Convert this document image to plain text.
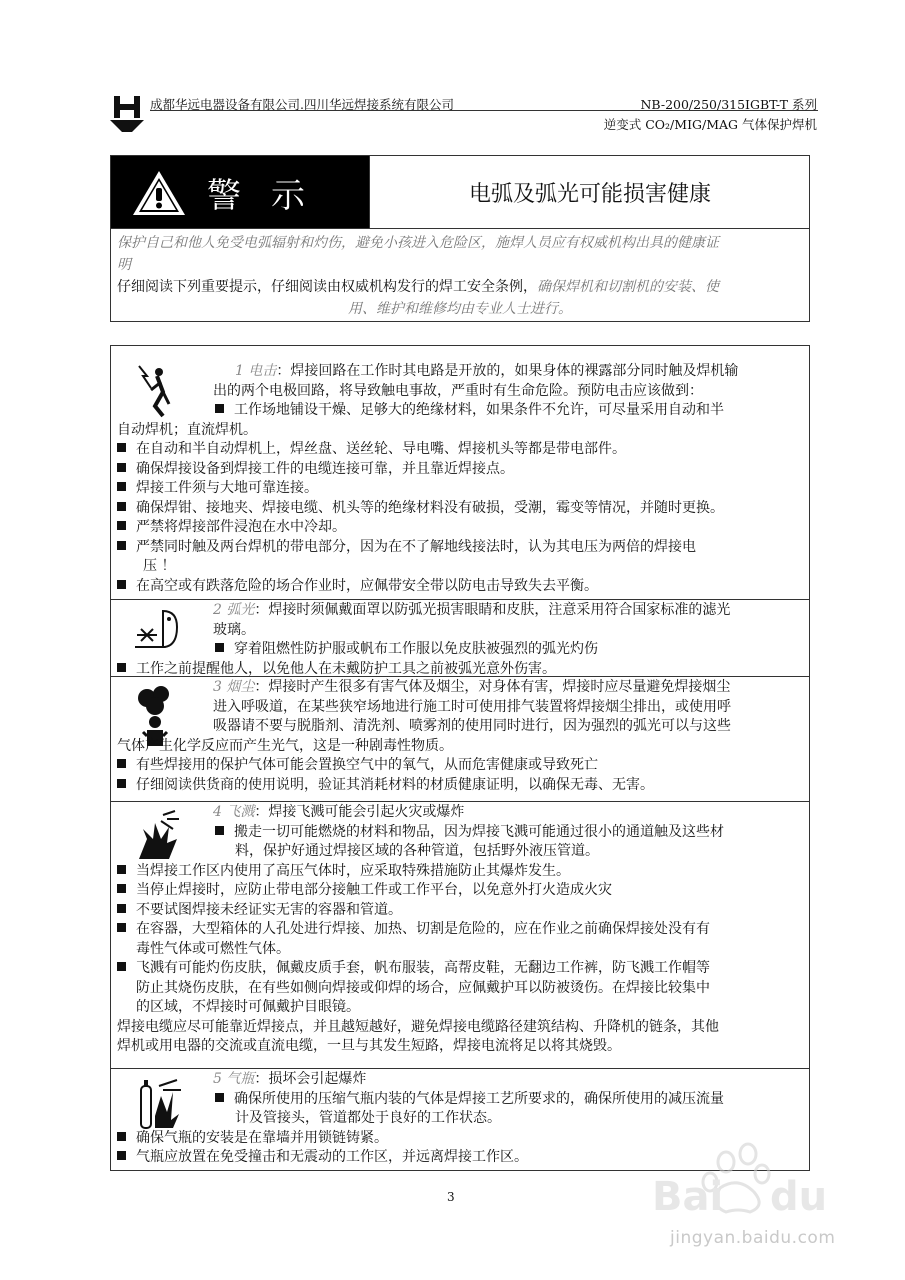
成都华远电器设备有限公司.四川华远焊接系统有限公司	NB-200/250/315IGBT-T 系列
逆变式 CO₂/MIG/MAG 气体保护焊机
警示	电弧及弧光可能损害健康
保护自己和他人免受电弧辐射和灼伤，避免小孩进入危险区，施焊人员应有权威机构出具的健康证
明
仔细阅读下列重要提示，仔细阅读由权威机构发行的焊工安全条例，确保焊机和切割机的安装、使
用、维护和维修均由专业人士进行。
1 电击：焊接回路在工作时其电路是开放的，如果身体的裸露部分同时触及焊机输
出的两个电极回路，将导致触电事故，严重时有生命危险。预防电击应该做到：
工作场地铺设干燥、足够大的绝缘材料，如果条件不允许，可尽量采用自动和半
自动焊机；直流焊机。
在自动和半自动焊机上，焊丝盘、送丝轮、导电嘴、焊接机头等都是带电部件。
确保焊接设备到焊接工件的电缆连接可靠，并且靠近焊接点。
焊接工件须与大地可靠连接。
确保焊钳、接地夹、焊接电缆、机头等的绝缘材料没有破损，受潮，霉变等情况，并随时更换。
严禁将焊接部件浸泡在水中冷却。
严禁同时触及两台焊机的带电部分，因为在不了解地线接法时，认为其电压为两倍的焊接电
压 ！
在高空或有跌落危险的场合作业时，应佩带安全带以防电击导致失去平衡。
2 弧光：焊接时须佩戴面罩以防弧光损害眼睛和皮肤，注意采用符合国家标准的滤光
玻璃。
穿着阻燃性防护服或帆布工作服以免皮肤被强烈的弧光灼伤
工作之前提醒他人，以免他人在未戴防护工具之前被弧光意外伤害。
3 烟尘：焊接时产生很多有害气体及烟尘，对身体有害，焊接时应尽量避免焊接烟尘
进入呼吸道，在某些狭窄场地进行施工时可使用排气装置将焊接烟尘排出，或使用呼
吸器请不要与脱脂剂、清洗剂、喷雾剂的使用同时进行，因为强烈的弧光可以与这些
气体产生化学反应而产生光气，这是一种剧毒性物质。
有些焊接用的保护气体可能会置换空气中的氧气，从而危害健康或导致死亡
仔细阅读供货商的使用说明，验证其消耗材料的材质健康证明，以确保无毒、无害。
4 飞溅：焊接飞溅可能会引起火灾或爆炸
搬走一切可能燃烧的材料和物品，因为焊接飞溅可能通过很小的通道触及这些材
料，保护好通过焊接区域的各种管道，包括野外液压管道。
当焊接工作区内使用了高压气体时，应采取特殊措施防止其爆炸发生。
当停止焊接时，应防止带电部分接触工件或工作平台，以免意外打火造成火灾
不要试图焊接未经证实无害的容器和管道。
在容器，大型箱体的人孔处进行焊接、加热、切割是危险的，应在作业之前确保焊接处没有有
毒性气体或可燃性气体。
飞溅有可能灼伤皮肤，佩戴皮质手套，帆布服装，高帮皮鞋，无翻边工作裤，防飞溅工作帽等
防止其烧伤皮肤，在有些如侧向焊接或仰焊的场合，应佩戴护耳以防被烫伤。在焊接比较集中
的区域，不焊接时可佩戴护目眼镜。
焊接电缆应尽可能靠近焊接点，并且越短越好，避免焊接电缆路径建筑结构、升降机的链条，其他
焊机或用电器的交流或直流电缆，一旦与其发生短路，焊接电流将足以将其烧毁。
5 气瓶：损坏会引起爆炸
确保所使用的压缩气瓶内装的气体是焊接工艺所要求的，确保所使用的减压流量
计及管接头，管道都处于良好的工作状态。
确保气瓶的安装是在靠墙并用锁链铸紧。
气瓶应放置在免受撞击和无震动的工作区，并远离焊接工作区。
3	Bai du
jingyan.baidu.com
